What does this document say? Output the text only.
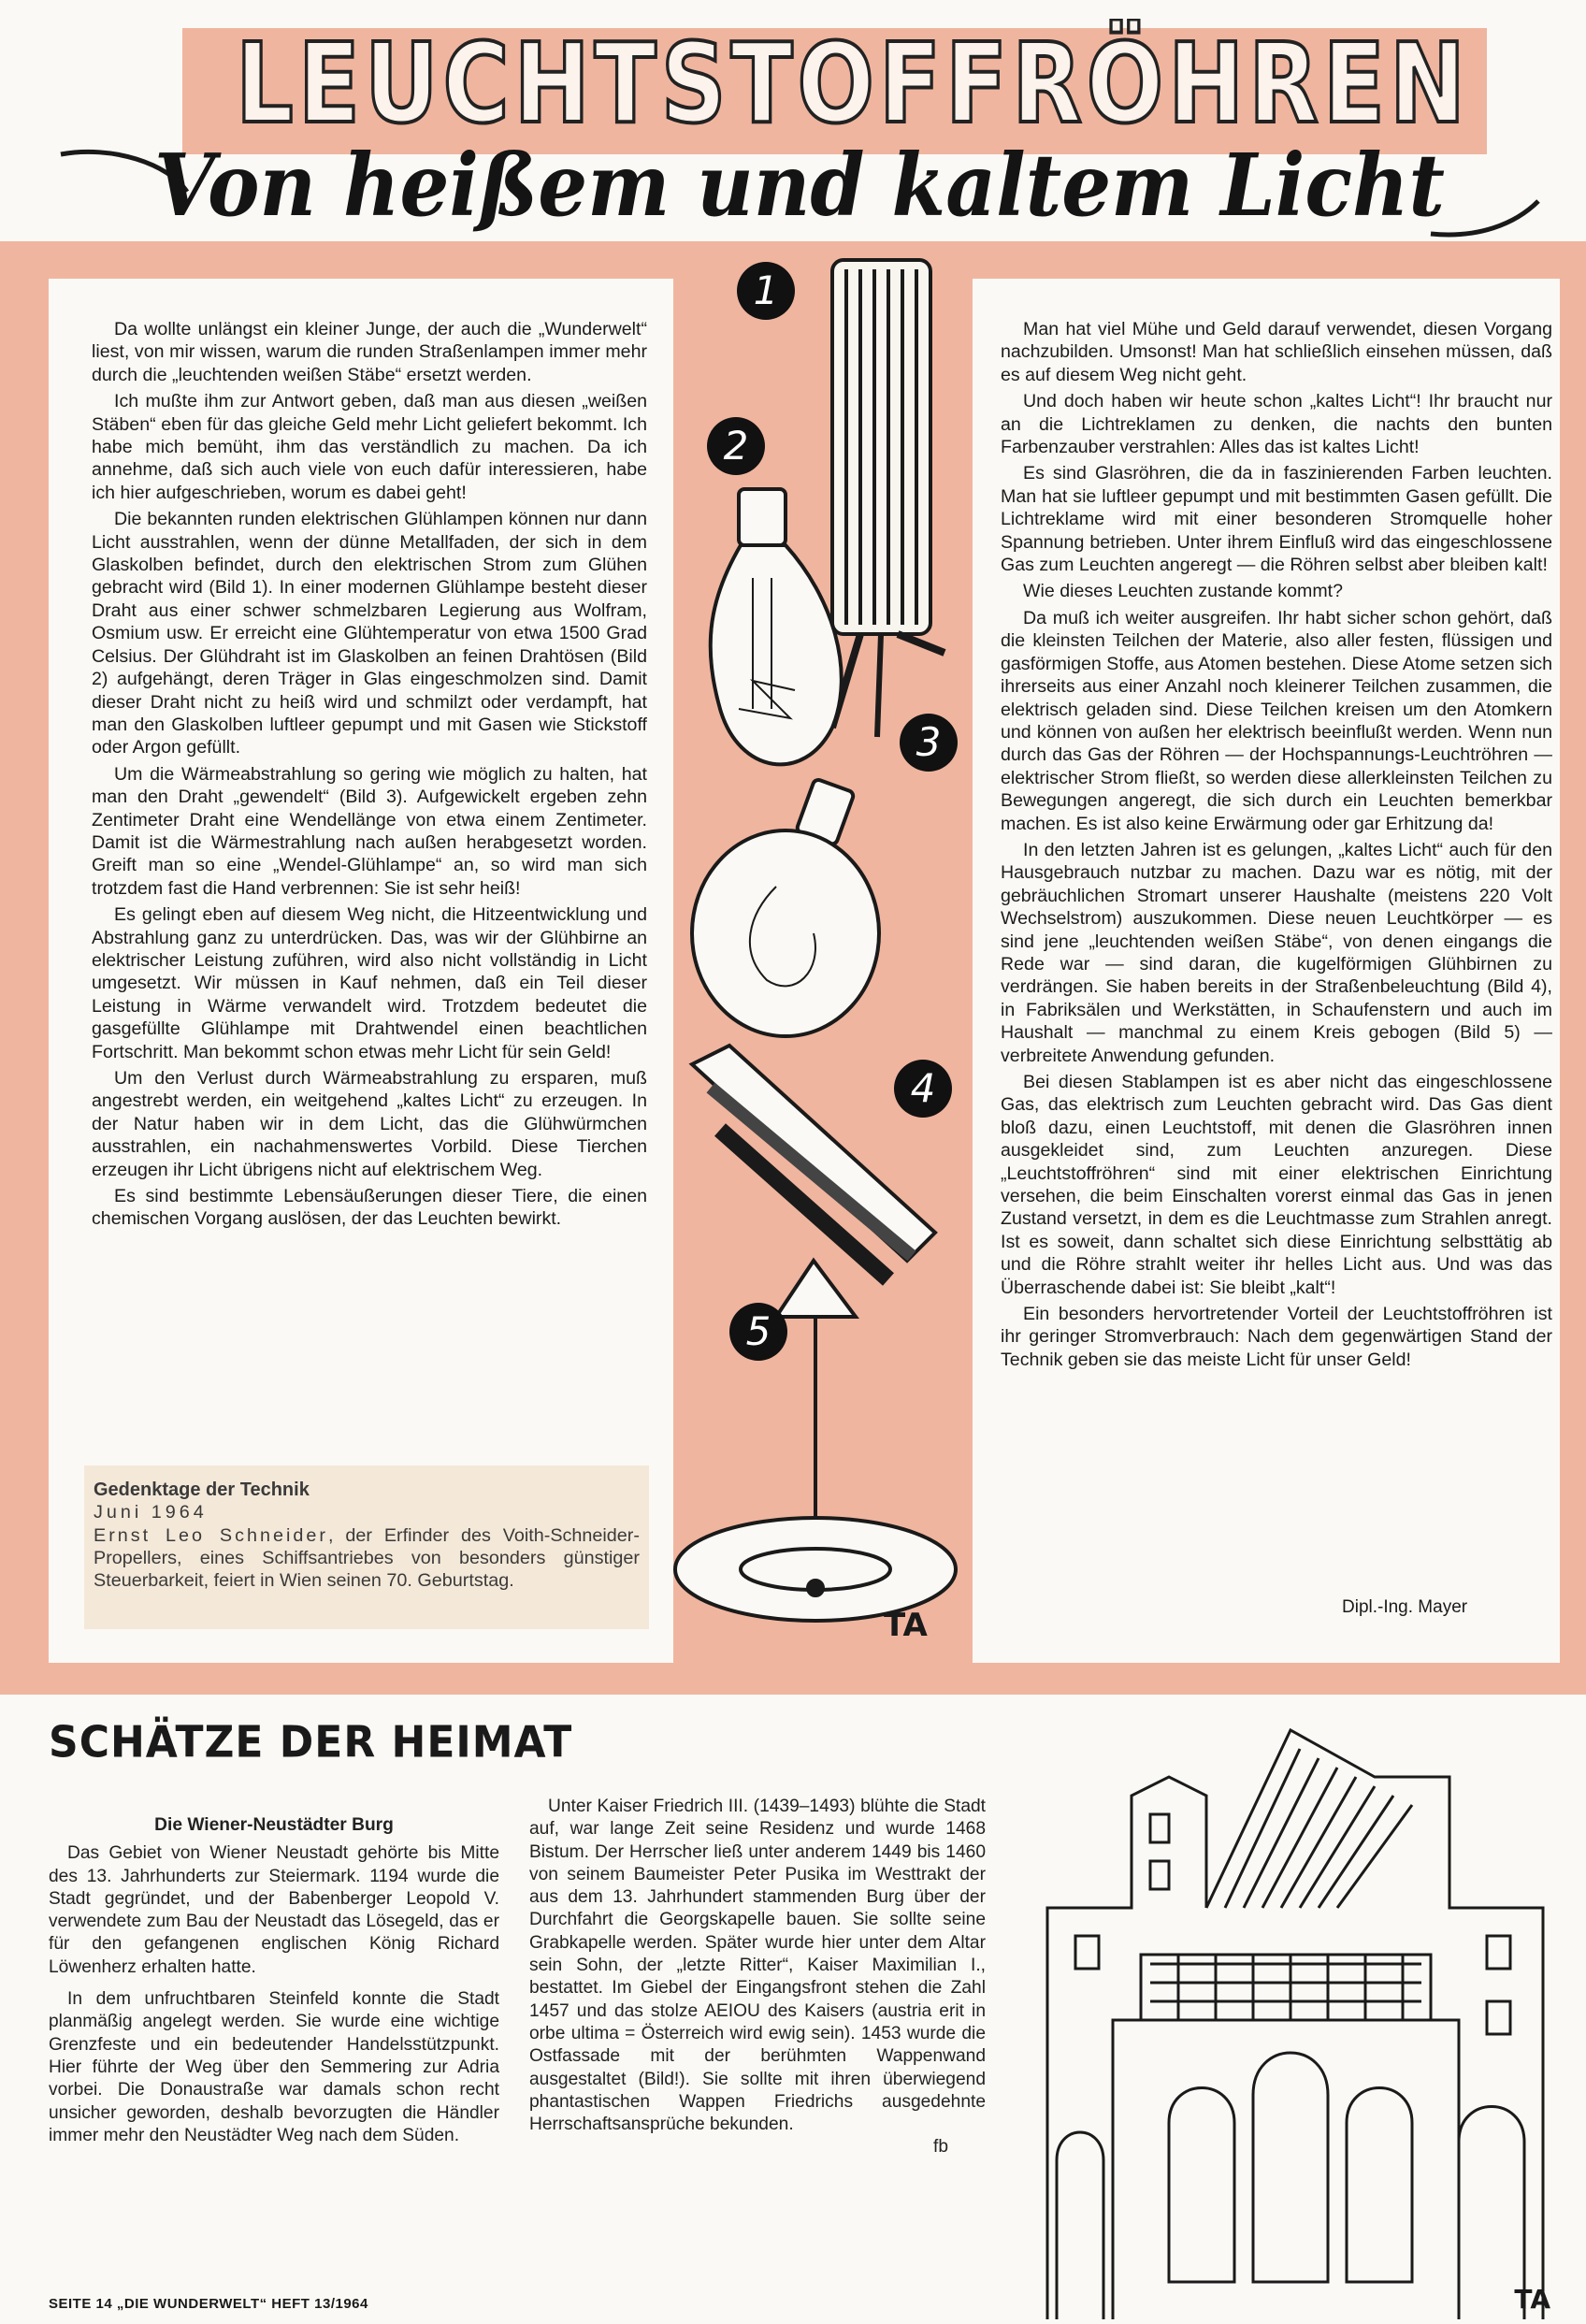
LEUCHTSTOFFRÖHREN
Von heißem und kaltem Licht

Da wollte unlängst ein kleiner Junge, der auch die „Wunderwelt“ liest, von mir wissen, warum die runden Straßenlampen immer mehr durch die „leuchtenden weißen Stäbe“ ersetzt werden.

Ich mußte ihm zur Antwort geben, daß man aus diesen „weißen Stäben“ eben für das gleiche Geld mehr Licht geliefert bekommt. Ich habe mich bemüht, ihm das verständlich zu machen. Da ich annehme, daß sich auch viele von euch dafür interessieren, habe ich hier aufgeschrieben, worum es dabei geht!

Die bekannten runden elektrischen Glühlampen können nur dann Licht ausstrahlen, wenn der dünne Metallfaden, der sich in dem Glaskolben befindet, durch den elektrischen Strom zum Glühen gebracht wird (Bild 1). In einer modernen Glühlampe besteht dieser Draht aus einer schwer schmelzbaren Legierung aus Wolfram, Osmium usw. Er erreicht eine Glühtemperatur von etwa 1500 Grad Celsius. Der Glühdraht ist im Glaskolben an feinen Drahtösen (Bild 2) aufgehängt, deren Träger in Glas eingeschmolzen sind. Damit dieser Draht nicht zu heiß wird und schmilzt oder verdampft, hat man den Glaskolben luftleer gepumpt und mit Gasen wie Stickstoff oder Argon gefüllt.

Um die Wärmeabstrahlung so gering wie möglich zu halten, hat man den Draht „gewendelt“ (Bild 3). Aufgewickelt ergeben zehn Zentimeter Draht eine Wendellänge von etwa einem Zentimeter. Damit ist die Wärmestrahlung nach außen herabgesetzt worden. Greift man so eine „Wendel-Glühlampe“ an, so wird man sich trotzdem fast die Hand verbrennen: Sie ist sehr heiß!

Es gelingt eben auf diesem Weg nicht, die Hitzeentwicklung und Abstrahlung ganz zu unterdrücken. Das, was wir der Glühbirne an elektrischer Leistung zuführen, wird also nicht vollständig in Licht umgesetzt. Wir müssen in Kauf nehmen, daß ein Teil dieser Leistung in Wärme verwandelt wird. Trotzdem bedeutet die gasgefüllte Glühlampe mit Drahtwendel einen beachtlichen Fortschritt. Man bekommt schon etwas mehr Licht für sein Geld!

Um den Verlust durch Wärmeabstrahlung zu ersparen, muß angestrebt werden, ein weitgehend „kaltes Licht“ zu erzeugen. In der Natur haben wir in dem Licht, das die Glühwürmchen ausstrahlen, ein nachahmenswertes Vorbild. Diese Tierchen erzeugen ihr Licht übrigens nicht auf elektrischem Weg.

Es sind bestimmte Lebensäußerungen dieser Tiere, die einen chemischen Vorgang auslösen, der das Leuchten bewirkt.

Gedenktage der Technik
Juni 1964
Ernst Leo Schneider, der Erfinder des Voith-Schneider-Propellers, eines Schiffsantriebes von besonders günstiger Steuerbarkeit, feiert in Wien seinen 70. Geburtstag.
1
2
3
4
5
TA

Man hat viel Mühe und Geld darauf verwendet, diesen Vorgang nachzubilden. Umsonst! Man hat schließlich einsehen müssen, daß es auf diesem Weg nicht geht.

Und doch haben wir heute schon „kaltes Licht“! Ihr braucht nur an die Lichtreklamen zu denken, die nachts den bunten Farbenzauber verstrahlen: Alles das ist kaltes Licht!

Es sind Glasröhren, die da in faszinierenden Farben leuchten. Man hat sie luftleer gepumpt und mit bestimmten Gasen gefüllt. Die Lichtreklame wird mit einer besonderen Stromquelle hoher Spannung betrieben. Unter ihrem Einfluß wird das eingeschlossene Gas zum Leuchten angeregt — die Röhren selbst aber bleiben kalt!

Wie dieses Leuchten zustande kommt?

Da muß ich weiter ausgreifen. Ihr habt sicher schon gehört, daß die kleinsten Teilchen der Materie, also aller festen, flüssigen und gasförmigen Stoffe, aus Atomen bestehen. Diese Atome setzen sich ihrerseits aus einer Anzahl noch kleinerer Teilchen zusammen, die elektrisch geladen sind. Diese Teilchen kreisen um den Atomkern und können von außen her elektrisch beeinflußt werden. Wenn nun durch das Gas der Röhren — der Hochspannungs-Leuchtröhren — elektrischer Strom fließt, so werden diese allerkleinsten Teilchen zu Bewegungen angeregt, die sich durch ein Leuchten bemerkbar machen. Es ist also keine Erwärmung oder gar Erhitzung da!

In den letzten Jahren ist es gelungen, „kaltes Licht“ auch für den Hausgebrauch nutzbar zu machen. Dazu war es nötig, mit der gebräuchlichen Stromart unserer Haushalte (meistens 220 Volt Wechselstrom) auszukommen. Diese neuen Leuchtkörper — es sind jene „leuchtenden weißen Stäbe“, von denen eingangs die Rede war — sind daran, die kugelförmigen Glühbirnen zu verdrängen. Sie haben bereits in der Straßenbeleuchtung (Bild 4), in Fabriksälen und Werkstätten, in Schaufenstern und auch im Haushalt — manchmal zu einem Kreis gebogen (Bild 5) — verbreitete Anwendung gefunden.

Bei diesen Stablampen ist es aber nicht das eingeschlossene Gas, das elektrisch zum Leuchten gebracht wird. Das Gas dient bloß dazu, einen Leuchtstoff, mit denen die Glasröhren innen ausgekleidet sind, zum Leuchten anzuregen. Diese „Leuchtstoffröhren“ sind mit einer elektrischen Einrichtung versehen, die beim Einschalten vorerst einmal das Gas in jenen Zustand versetzt, in dem es die Leuchtmasse zum Strahlen anregt. Ist es soweit, dann schaltet sich diese Einrichtung selbsttätig ab und die Röhre strahlt weiter ihr helles Licht aus. Und was das Überraschende dabei ist: Sie bleibt „kalt“!

Ein besonders hervortretender Vorteil der Leuchtstoffröhren ist ihr geringer Stromverbrauch: Nach dem gegenwärtigen Stand der Technik geben sie das meiste Licht für unser Geld!

Dipl.-Ing. Mayer
SCHÄTZE DER HEIMAT

Die Wiener-Neustädter Burg

Das Gebiet von Wiener Neustadt gehörte bis Mitte des 13. Jahrhunderts zur Steiermark. 1194 wurde die Stadt gegründet, und der Babenberger Leopold V. verwendete zum Bau der Neustadt das Lösegeld, das er für den gefangenen englischen König Richard Löwenherz erhalten hatte.

In dem unfruchtbaren Steinfeld konnte die Stadt planmäßig angelegt werden. Sie wurde eine wichtige Grenzfeste und ein bedeutender Handelsstützpunkt. Hier führte der Weg über den Semmering zur Adria vorbei. Die Donaustraße war damals schon recht unsicher geworden, deshalb bevorzugten die Händler immer mehr den Neustädter Weg nach dem Süden.

Unter Kaiser Friedrich III. (1439–1493) blühte die Stadt auf, war lange Zeit seine Residenz und wurde 1468 Bistum. Der Herrscher ließ unter anderem 1449 bis 1460 von seinem Baumeister Peter Pusika im Westtrakt der aus dem 13. Jahrhundert stammenden Burg über der Durchfahrt die Georgskapelle bauen. Sie sollte seine Grabkapelle werden. Später wurde hier unter dem Altar sein Sohn, der „letzte Ritter“, Kaiser Maximilian I., bestattet. Im Giebel der Eingangsfront stehen die Zahl 1457 und das stolze AEIOU des Kaisers (austria erit in orbe ultima = Österreich wird ewig sein). 1453 wurde die Ostfassade mit der berühmten Wappenwand ausgestaltet (Bild!). Sie sollte mit ihren überwiegend phantastischen Wappen Friedrichs ausgedehnte Herrschaftsansprüche bekunden.

fb
TA
SEITE 14 „DIE WUNDERWELT“ HEFT 13/1964
